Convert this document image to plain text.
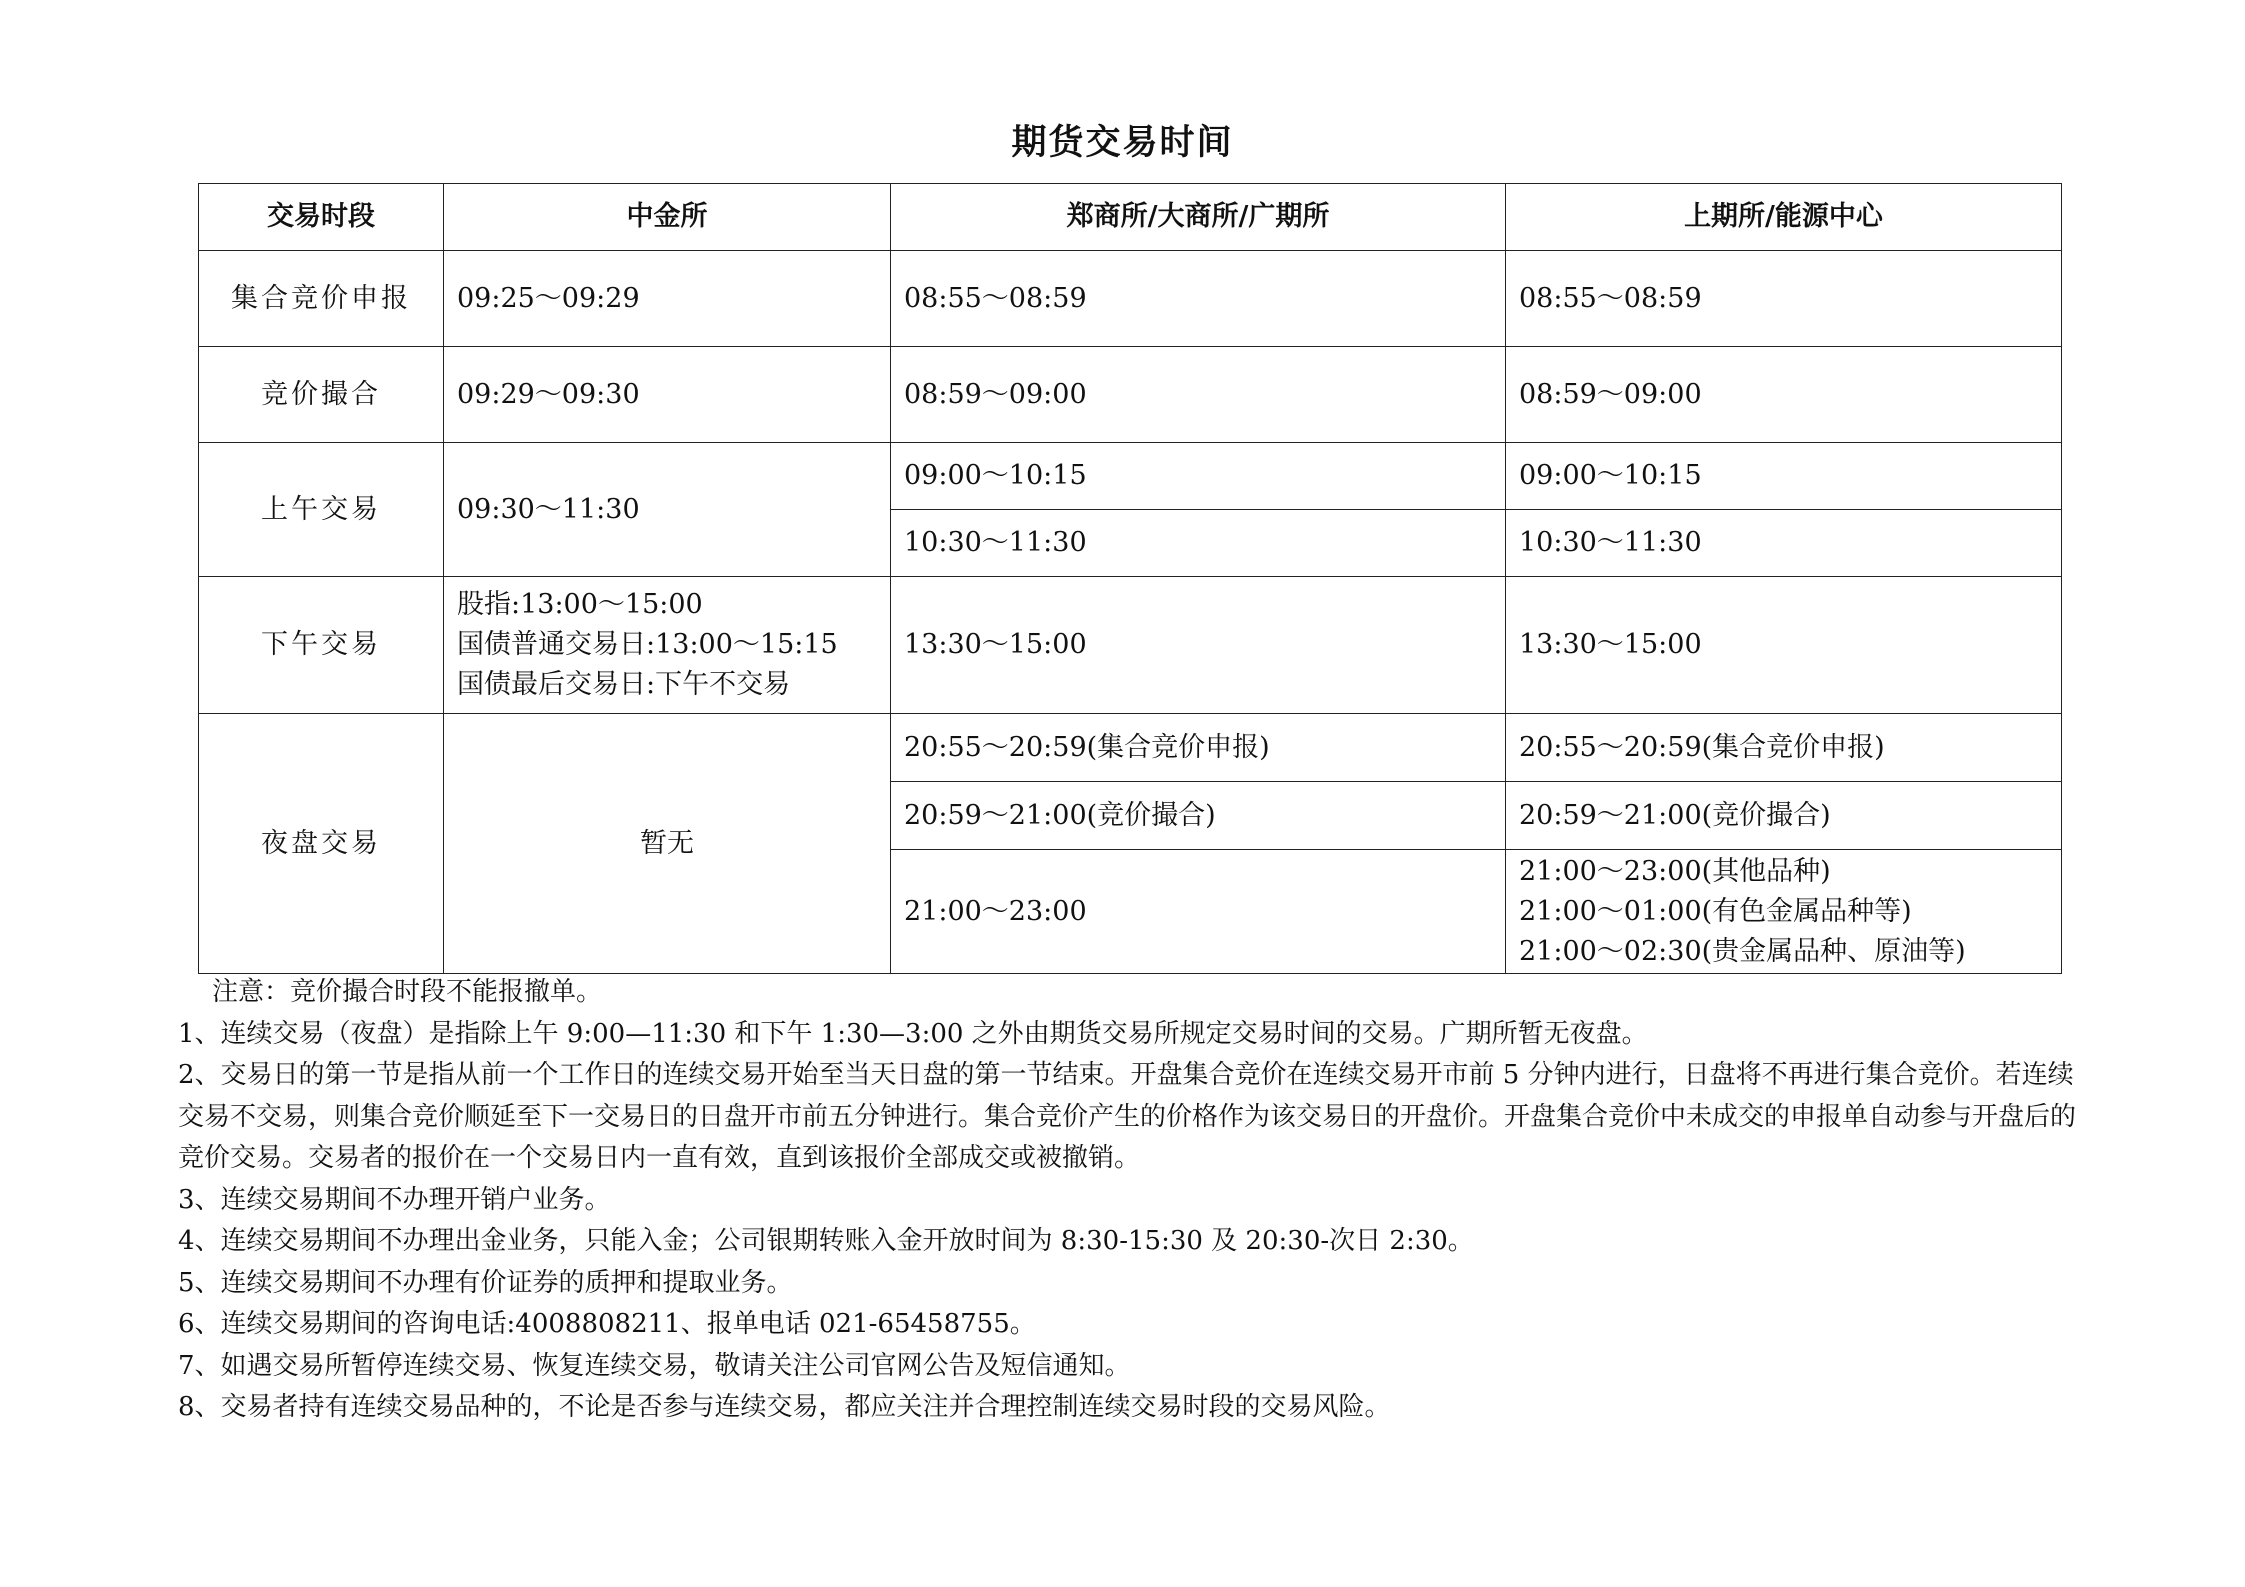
期货交易时间
交易时段	中金所	郑商所/大商所/广期所	上期所/能源中心
集合竞价申报	09:25～09:29	08:55～08:59	08:55～08:59
竞价撮合	09:29～09:30	08:59～09:00	08:59～09:00
上午交易	09:30～11:30	09:00～10:15	09:00～10:15
		10:30～11:30	10:30～11:30
下午交易	股指:13:00～15:00
国债普通交易日:13:00～15:15
国债最后交易日:下午不交易	13:30～15:00	13:30～15:00
夜盘交易	暂无	20:55～20:59(集合竞价申报)	20:55～20:59(集合竞价申报)
		20:59～21:00(竞价撮合)	20:59～21:00(竞价撮合)
		21:00～23:00	21:00～23:00(其他品种)
21:00～01:00(有色金属品种等)
21:00～02:30(贵金属品种、原油等)

注意：竞价撮合时段不能报撤单。

1、连续交易（夜盘）是指除上午 9:00—11:30 和下午 1:30—3:00 之外由期货交易所规定交易时间的交易。广期所暂无夜盘。

2、交易日的第一节是指从前一个工作日的连续交易开始至当天日盘的第一节结束。开盘集合竞价在连续交易开市前 5 分钟内进行，日盘将不再进行集合竞价。若连续交易不交易，则集合竞价顺延至下一交易日的日盘开市前五分钟进行。集合竞价产生的价格作为该交易日的开盘价。开盘集合竞价中未成交的申报单自动参与开盘后的竞价交易。交易者的报价在一个交易日内一直有效，直到该报价全部成交或被撤销。

3、连续交易期间不办理开销户业务。

4、连续交易期间不办理出金业务，只能入金；公司银期转账入金开放时间为 8:30-15:30 及 20:30-次日 2:30。

5、连续交易期间不办理有价证券的质押和提取业务。

6、连续交易期间的咨询电话:4008808211、报单电话 021-65458755。

7、如遇交易所暂停连续交易、恢复连续交易，敬请关注公司官网公告及短信通知。

8、交易者持有连续交易品种的，不论是否参与连续交易，都应关注并合理控制连续交易时段的交易风险。
